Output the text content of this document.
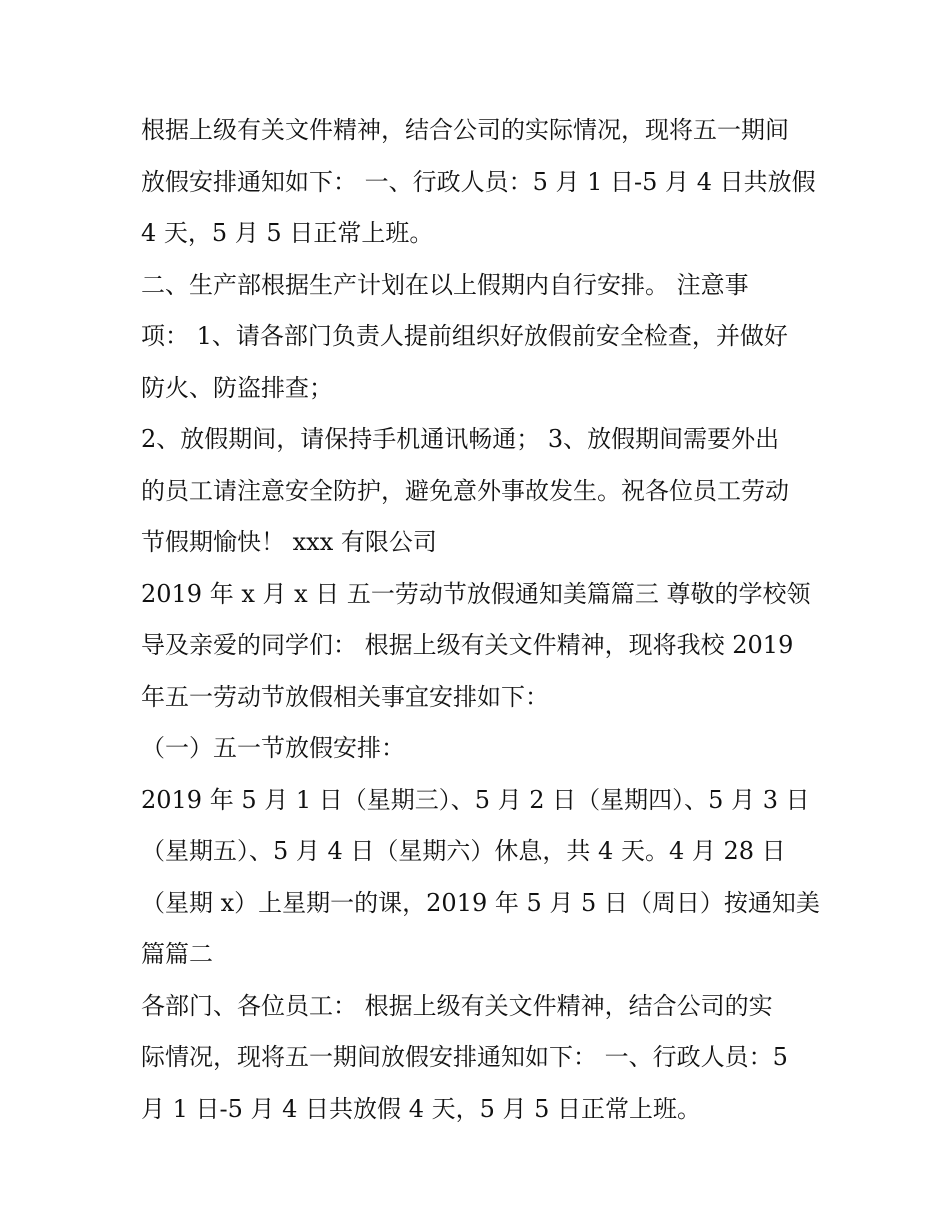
根据上级有关文件精神，结合公司的实际情况，现将五一期间
放假安排通知如下： 一、行政人员：5 月 1 日-5 月 4 日共放假
4 天，5 月 5 日正常上班。
二、生产部根据生产计划在以上假期内自行安排。 注意事
项： 1、请各部门负责人提前组织好放假前安全检查，并做好
防火、防盗排查；
2、放假期间，请保持手机通讯畅通； 3、放假期间需要外出
的员工请注意安全防护，避免意外事故发生。祝各位员工劳动
节假期愉快！ xxx 有限公司
2019 年 x 月 x 日 五一劳动节放假通知美篇篇三 尊敬的学校领
导及亲爱的同学们： 根据上级有关文件精神，现将我校 2019
年五一劳动节放假相关事宜安排如下：
（一）五一节放假安排：
2019 年 5 月 1 日（星期三）、5 月 2 日（星期四）、5 月 3 日
（星期五）、5 月 4 日（星期六）休息，共 4 天。4 月 28 日
（星期 x）上星期一的课，2019 年 5 月 5 日（周日）按通知美
篇篇二
各部门、各位员工： 根据上级有关文件精神，结合公司的实
际情况，现将五一期间放假安排通知如下： 一、行政人员：5
月 1 日-5 月 4 日共放假 4 天，5 月 5 日正常上班。
